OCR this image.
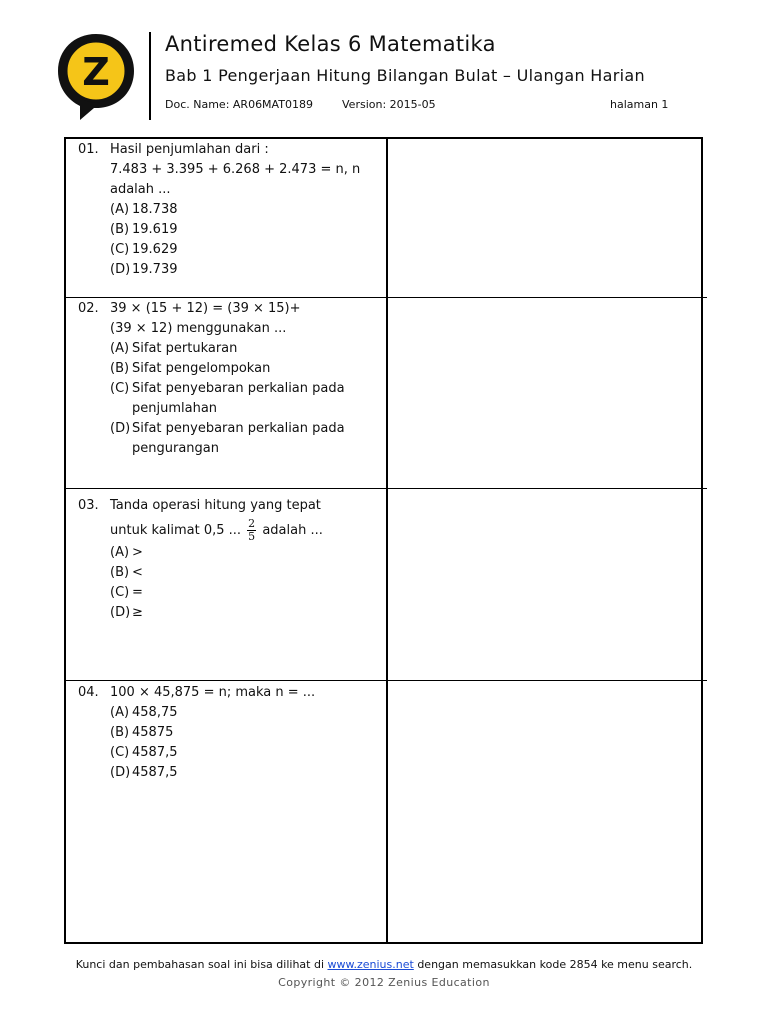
Z
Antiremed Kelas 6 Matematika
Bab 1 Pengerjaan Hitung Bilangan Bulat – Ulangan Harian
Doc. Name: AR06MAT0189	Version: 2015-05	halaman 1
01. Hasil penjumlahan dari :
7.483 + 3.395 + 6.268 + 2.473 = n, n adalah ...
(A) 18.738
(B) 19.619
(C) 19.629
(D) 19.739
02. 39 × (15 + 12) = (39 × 15)+
(39 × 12) menggunakan ...
(A) Sifat pertukaran
(B) Sifat pengelompokan
(C) Sifat penyebaran perkalian pada penjumlahan
(D) Sifat penyebaran perkalian pada pengurangan
03. Tanda operasi hitung yang tepat
untuk kalimat 0,5 ... $\frac{2}{5}$ adalah ...
(A) >
(B) <
(C) =
(D) ≥
04. 100 × 45,875 = n; maka n = ...
(A) 458,75
(B) 45875
(C) 4587,5
(D) 4587,5
Kunci dan pembahasan soal ini bisa dilihat di www.zenius.net dengan memasukkan kode 2854 ke menu search.
Copyright © 2012 Zenius Education
